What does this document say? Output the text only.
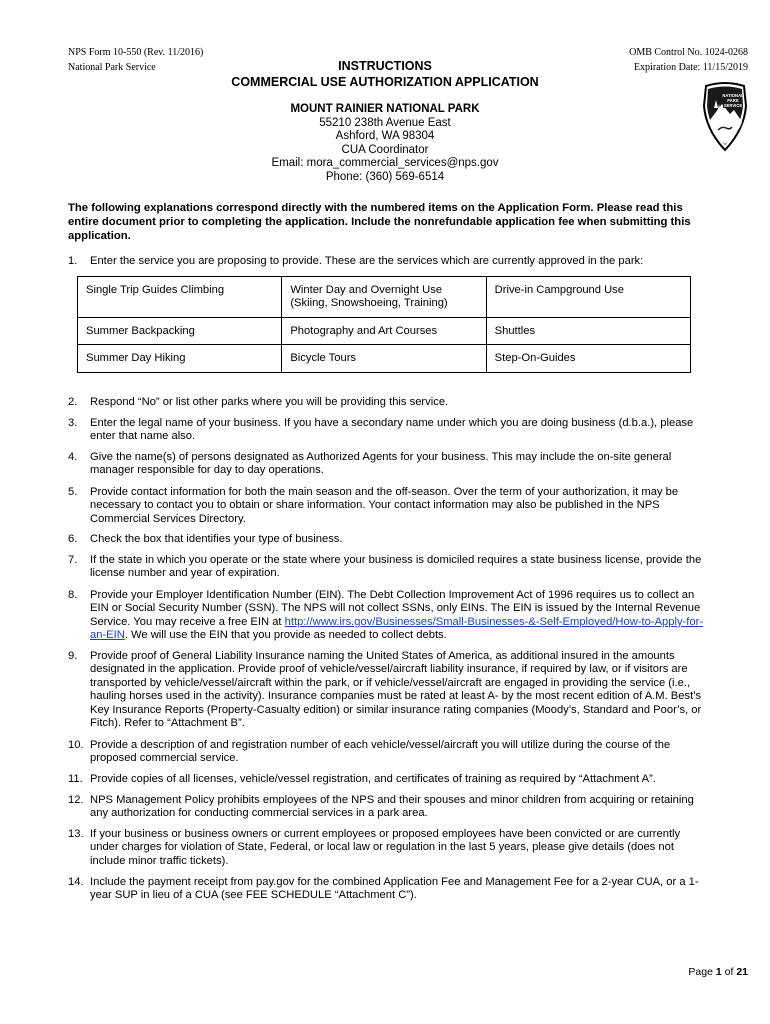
NPS Form 10-550 (Rev. 11/2016)
National Park Service
OMB Control No. 1024-0268
Expiration Date: 11/15/2019
INSTRUCTIONS
COMMERCIAL USE AUTHORIZATION APPLICATION
NATIONAL
PARK
SERVICE
MOUNT RAINIER NATIONAL PARK
55210 238th Avenue East
Ashford, WA 98304
CUA Coordinator
Email: mora_commercial_services@nps.gov
Phone: (360) 569-6514
The following explanations correspond directly with the numbered items on the Application Form. Please read this entire document prior to completing the application. Include the nonrefundable application fee when submitting this application.
1.	Enter the service you are proposing to provide. These are the services which are currently approved in the park:
Single Trip Guides Climbing	Winter Day and Overnight Use (Skiing, Snowshoeing, Training)	Drive-in Campground Use
Summer Backpacking	Photography and Art Courses	Shuttles
Summer Day Hiking	Bicycle Tours	Step-On-Guides
2.	Respond “No” or list other parks where you will be providing this service.
3.	Enter the legal name of your business. If you have a secondary name under which you are doing business (d.b.a.), please enter that name also.
4.	Give the name(s) of persons designated as Authorized Agents for your business. This may include the on-site general manager responsible for day to day operations.
5.	Provide contact information for both the main season and the off-season. Over the term of your authorization, it may be necessary to contact you to obtain or share information. Your contact information may also be published in the NPS Commercial Services Directory.
6.	Check the box that identifies your type of business.
7.	If the state in which you operate or the state where your business is domiciled requires a state business license, provide the license number and year of expiration.
8.	Provide your Employer Identification Number (EIN). The Debt Collection Improvement Act of 1996 requires us to collect an EIN or Social Security Number (SSN). The NPS will not collect SSNs, only EINs. The EIN is issued by the Internal Revenue Service. You may receive a free EIN at http://www.irs.gov/Businesses/Small-Businesses-&-Self-Employed/How-to-Apply-for-an-EIN. We will use the EIN that you provide as needed to collect debts.
9.	Provide proof of General Liability Insurance naming the United States of America, as additional insured in the amounts designated in the application. Provide proof of vehicle/vessel/aircraft liability insurance, if required by law, or if visitors are transported by vehicle/vessel/aircraft within the park, or if vehicle/vessel/aircraft are engaged in providing the service (i.e., hauling horses used in the activity). Insurance companies must be rated at least A- by the most recent edition of A.M. Best’s Key Insurance Reports (Property-Casualty edition) or similar insurance rating companies (Moody’s, Standard and Poor’s, or Fitch). Refer to “Attachment B”.
10. Provide a description of and registration number of each vehicle/vessel/aircraft you will utilize during the course of the proposed commercial service.
11. Provide copies of all licenses, vehicle/vessel registration, and certificates of training as required by “Attachment A”.
12. NPS Management Policy prohibits employees of the NPS and their spouses and minor children from acquiring or retaining any authorization for conducting commercial services in a park area.
13. If your business or business owners or current employees or proposed employees have been convicted or are currently under charges for violation of State, Federal, or local law or regulation in the last 5 years, please give details (does not include minor traffic tickets).
14. Include the payment receipt from pay.gov for the combined Application Fee and Management Fee for a 2-year CUA, or a 1-year SUP in lieu of a CUA (see FEE SCHEDULE “Attachment C”).
Page 1 of 21
